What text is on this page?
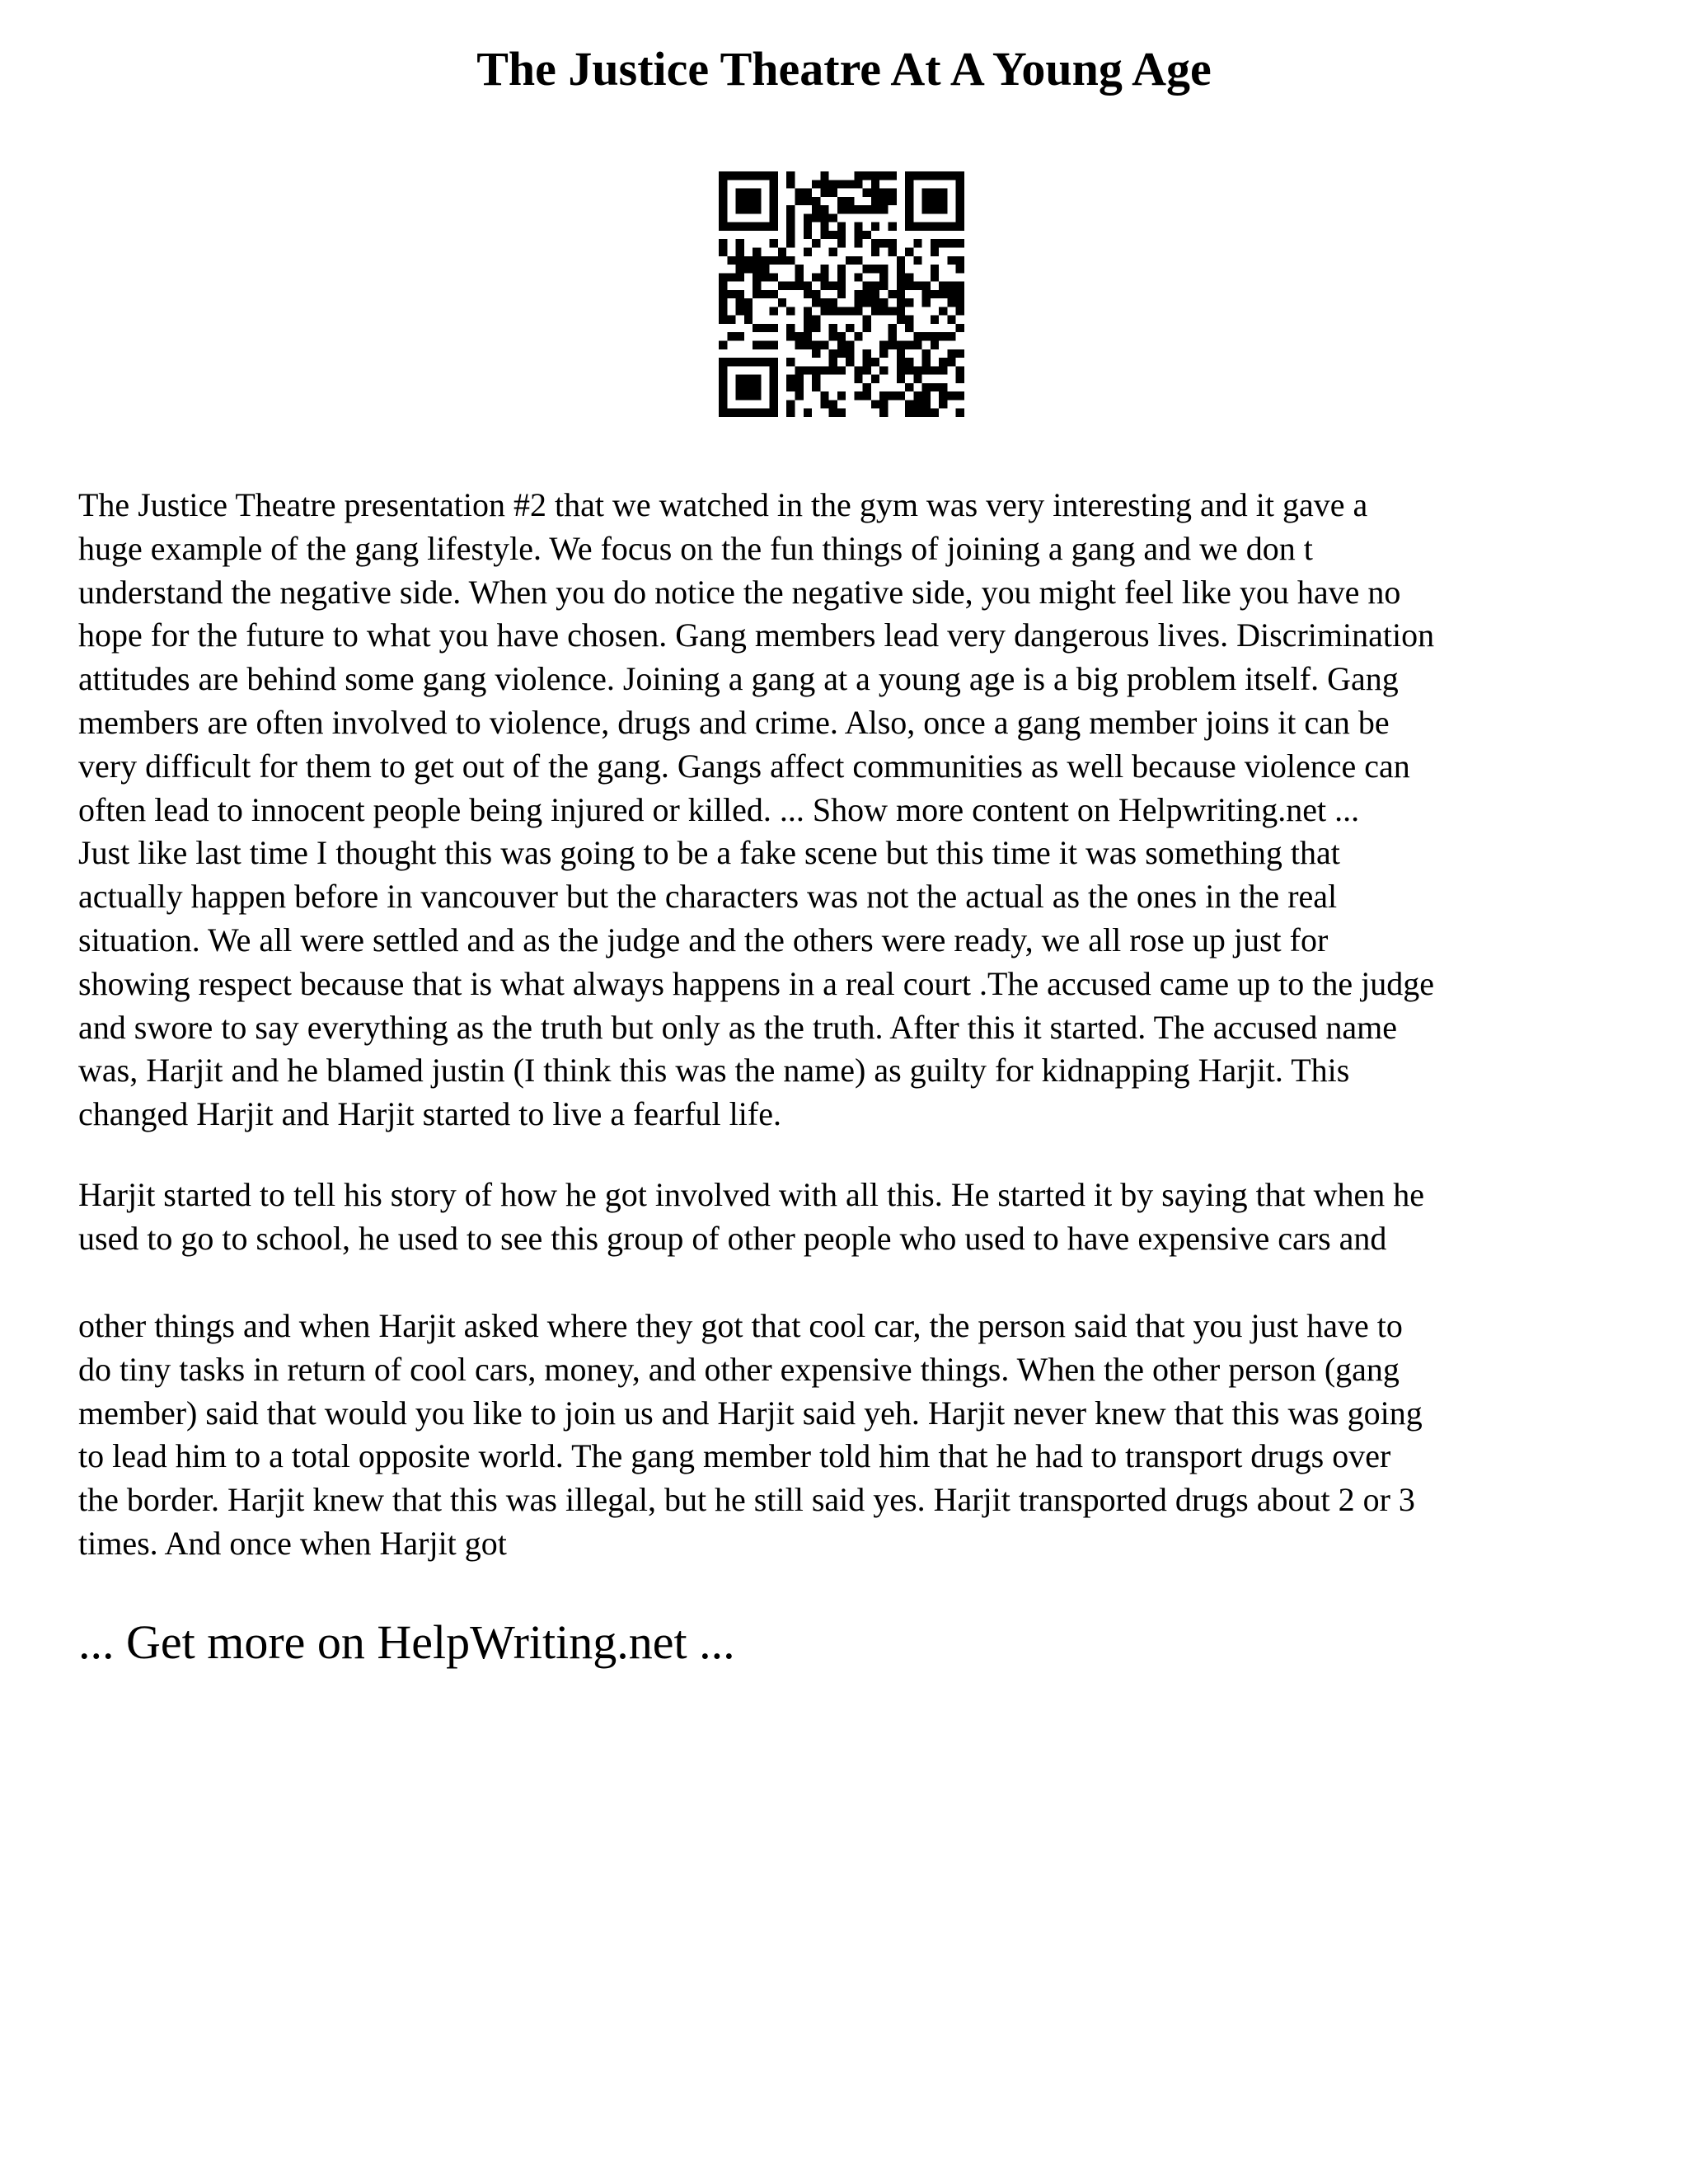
The Justice Theatre At A Young Age

The Justice Theatre presentation #2 that we watched in the gym was very interesting and it gave a
huge example of the gang lifestyle. We focus on the fun things of joining a gang and we don t
understand the negative side. When you do notice the negative side, you might feel like you have no
hope for the future to what you have chosen. Gang members lead very dangerous lives. Discrimination
attitudes are behind some gang violence. Joining a gang at a young age is a big problem itself. Gang
members are often involved to violence, drugs and crime. Also, once a gang member joins it can be
very difficult for them to get out of the gang. Gangs affect communities as well because violence can
often lead to innocent people being injured or killed. ... Show more content on Helpwriting.net ...
Just like last time I thought this was going to be a fake scene but this time it was something that
actually happen before in vancouver but the characters was not the actual as the ones in the real
situation. We all were settled and as the judge and the others were ready, we all rose up just for
showing respect because that is what always happens in a real court .The accused came up to the judge
and swore to say everything as the truth but only as the truth. After this it started. The accused name
was, Harjit and he blamed justin (I think this was the name) as guilty for kidnapping Harjit. This
changed Harjit and Harjit started to live a fearful life.

Harjit started to tell his story of how he got involved with all this. He started it by saying that when he
used to go to school, he used to see this group of other people who used to have expensive cars and

other things and when Harjit asked where they got that cool car, the person said that you just have to
do tiny tasks in return of cool cars, money, and other expensive things. When the other person (gang
member) said that would you like to join us and Harjit said yeh. Harjit never knew that this was going
to lead him to a total opposite world. The gang member told him that he had to transport drugs over
the border. Harjit knew that this was illegal, but he still said yes. Harjit transported drugs about 2 or 3
times. And once when Harjit got

... Get more on HelpWriting.net ...
